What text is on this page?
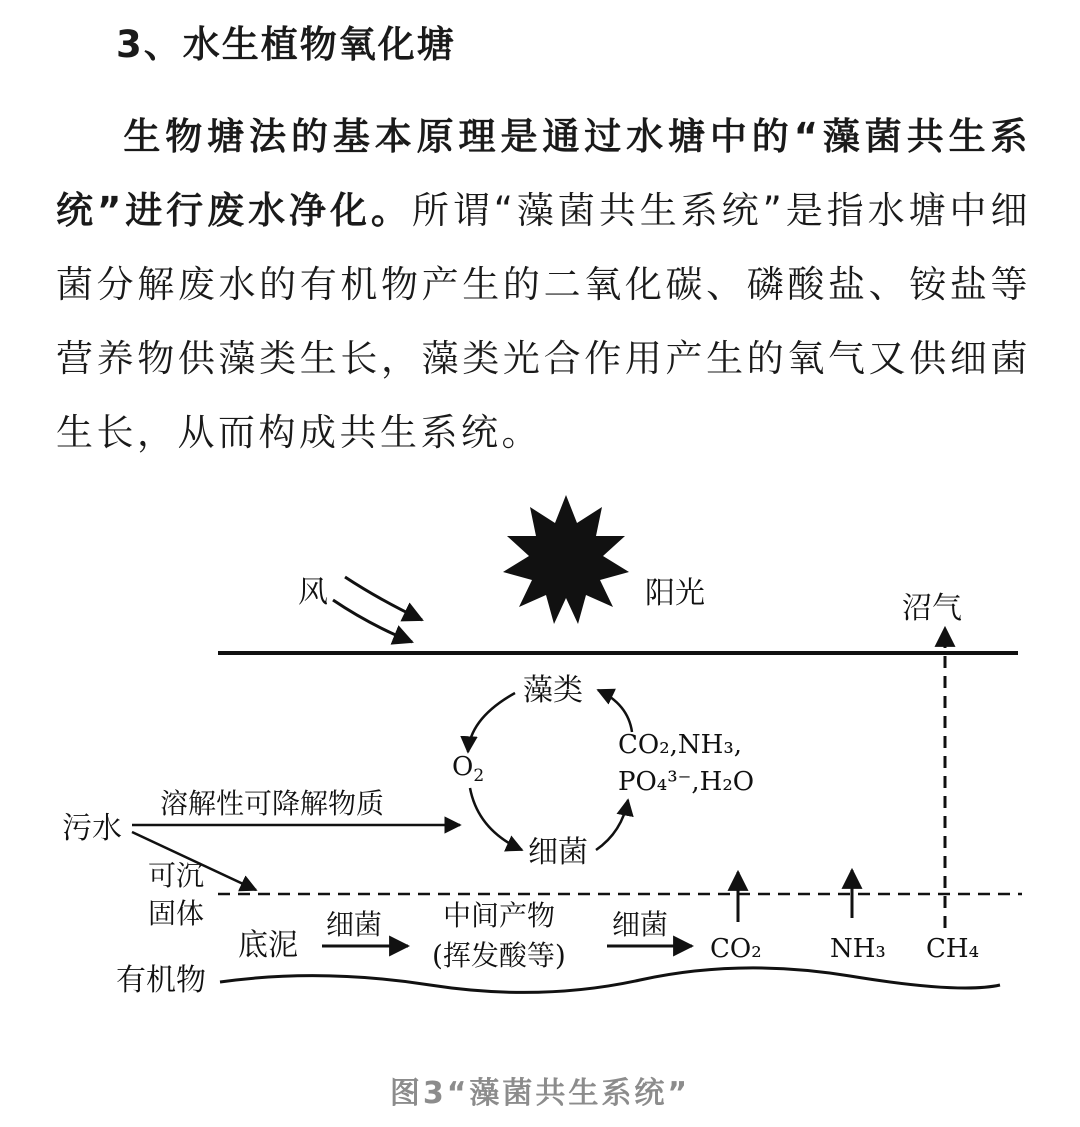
3、水生植物氧化塘
生物塘法的基本原理是通过水塘中的“藻菌共生系统”进行废水净化。所谓“藻菌共生系统”是指水塘中细菌分解废水的有机物产生的二氧化碳、磷酸盐、铵盐等营养物供藻类生长，藻类光合作用产生的氧气又供细菌生长，从而构成共生系统。
阳光
风	沼气
藻类
$O_2$
CO₂,NH₃,
PO₄³⁻,H₂O
细菌
污水
溶解性可降解物质
可沉
固体
底泥
细菌 中间产物
(挥发酸等)
细菌
CO₂	NH₃ CH₄
有机物
图3“藻菌共生系统”
